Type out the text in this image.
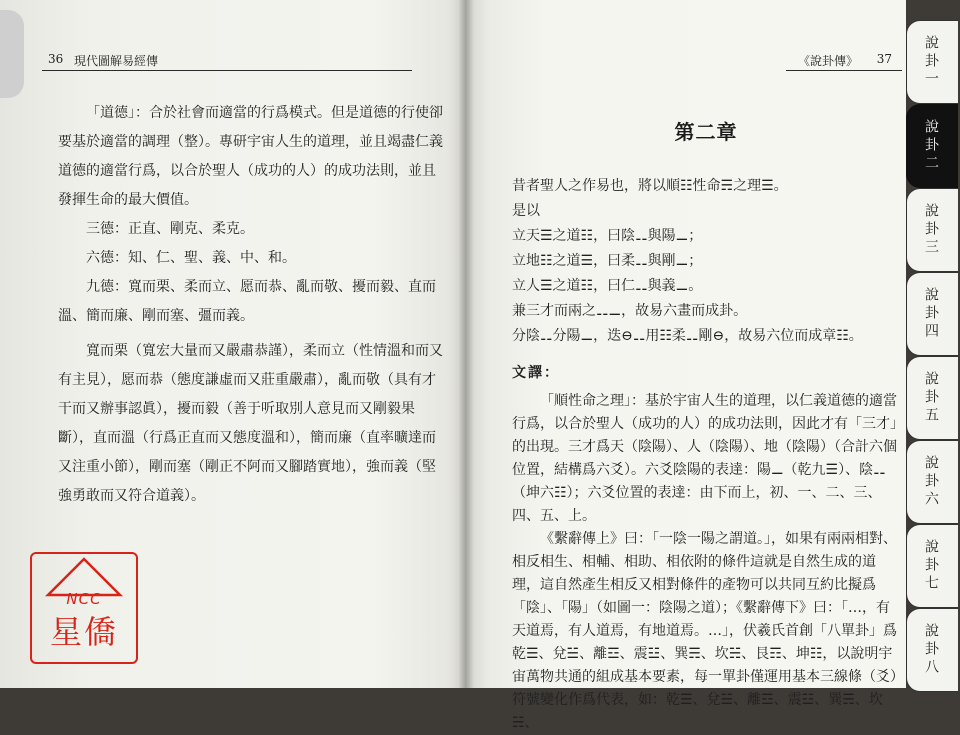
36 現代圖解易經傳

「道德」：合於社會而適當的行爲模式。但是道德的行使卻要基於適當的調理（整）。專研宇宙人生的道理，並且竭盡仁義道德的適當行爲，以合於聖人（成功的人）的成功法則，並且發揮生命的最大價值。

三德：正直、剛克、柔克。

六德：知、仁、聖、義、中、和。

九德：寬而栗、柔而立、愿而恭、亂而敬、擾而毅、直而溫、簡而廉、剛而塞、彊而義。

寬而栗（寬宏大量而又嚴肅恭謹），柔而立（性情溫和而又有主見），愿而恭（態度謙虛而又莊重嚴肅），亂而敬（具有才干而又辦事認眞），擾而毅（善于听取別人意見而又剛毅果斷），直而溫（行爲正直而又態度溫和），簡而廉（直率曠達而又注重小節），剛而塞（剛正不阿而又腳踏實地），強而義（堅強勇敢而又符合道義）。

NCC
星僑
《說卦傳》 37
第二章

昔者聖人之作易也，將以順☷性命☴之理☰。

是以

立天☰之道☷，曰陰⚋與陽⚊；

立地☷之道☰，曰柔⚋與剛⚊；

立人☰之道☷，曰仁⚋與義⚊。

兼三才而兩之⚋⚊，故易六畫而成卦。

分陰⚋分陽⚊，迭⊖⚋用☷柔⚋剛⊖，故易六位而成章☷。

文譯：

「順性命之理」：基於宇宙人生的道理，以仁義道德的適當行爲，以合於聖人（成功的人）的成功法則，因此才有「三才」的出現。三才爲天（陰陽）、人（陰陽）、地（陰陽）（合計六個位置，結構爲六爻）。六爻陰陽的表達：陽⚊（乾九☰）、陰⚋（坤六☷）；六爻位置的表達：由下而上，初、一、二、三、四、五、上。

《繫辭傳上》曰：「一陰一陽之謂道。」，如果有兩兩相對、相反相生、相輔、相助、相依附的條件這就是自然生成的道理，這自然產生相反又相對條件的產物可以共同互約比擬爲「陰」、「陽」（如圖一：陰陽之道）；《繫辭傳下》曰：「…，有天道焉，有人道焉，有地道焉。…」，伏羲氏首創「八單卦」爲乾☰、兌☱、離☲、震☳、巽☴、坎☵、艮☶、坤☷，以說明宇宙萬物共通的組成基本要素，每一單卦僅運用基本三線條（爻）符號變化作爲代表，如：乾☰、兌☱、離☲、震☳、巽☴、坎☵、

說卦一
說卦二
說卦三
說卦四
說卦五
說卦六
說卦七
說卦八
